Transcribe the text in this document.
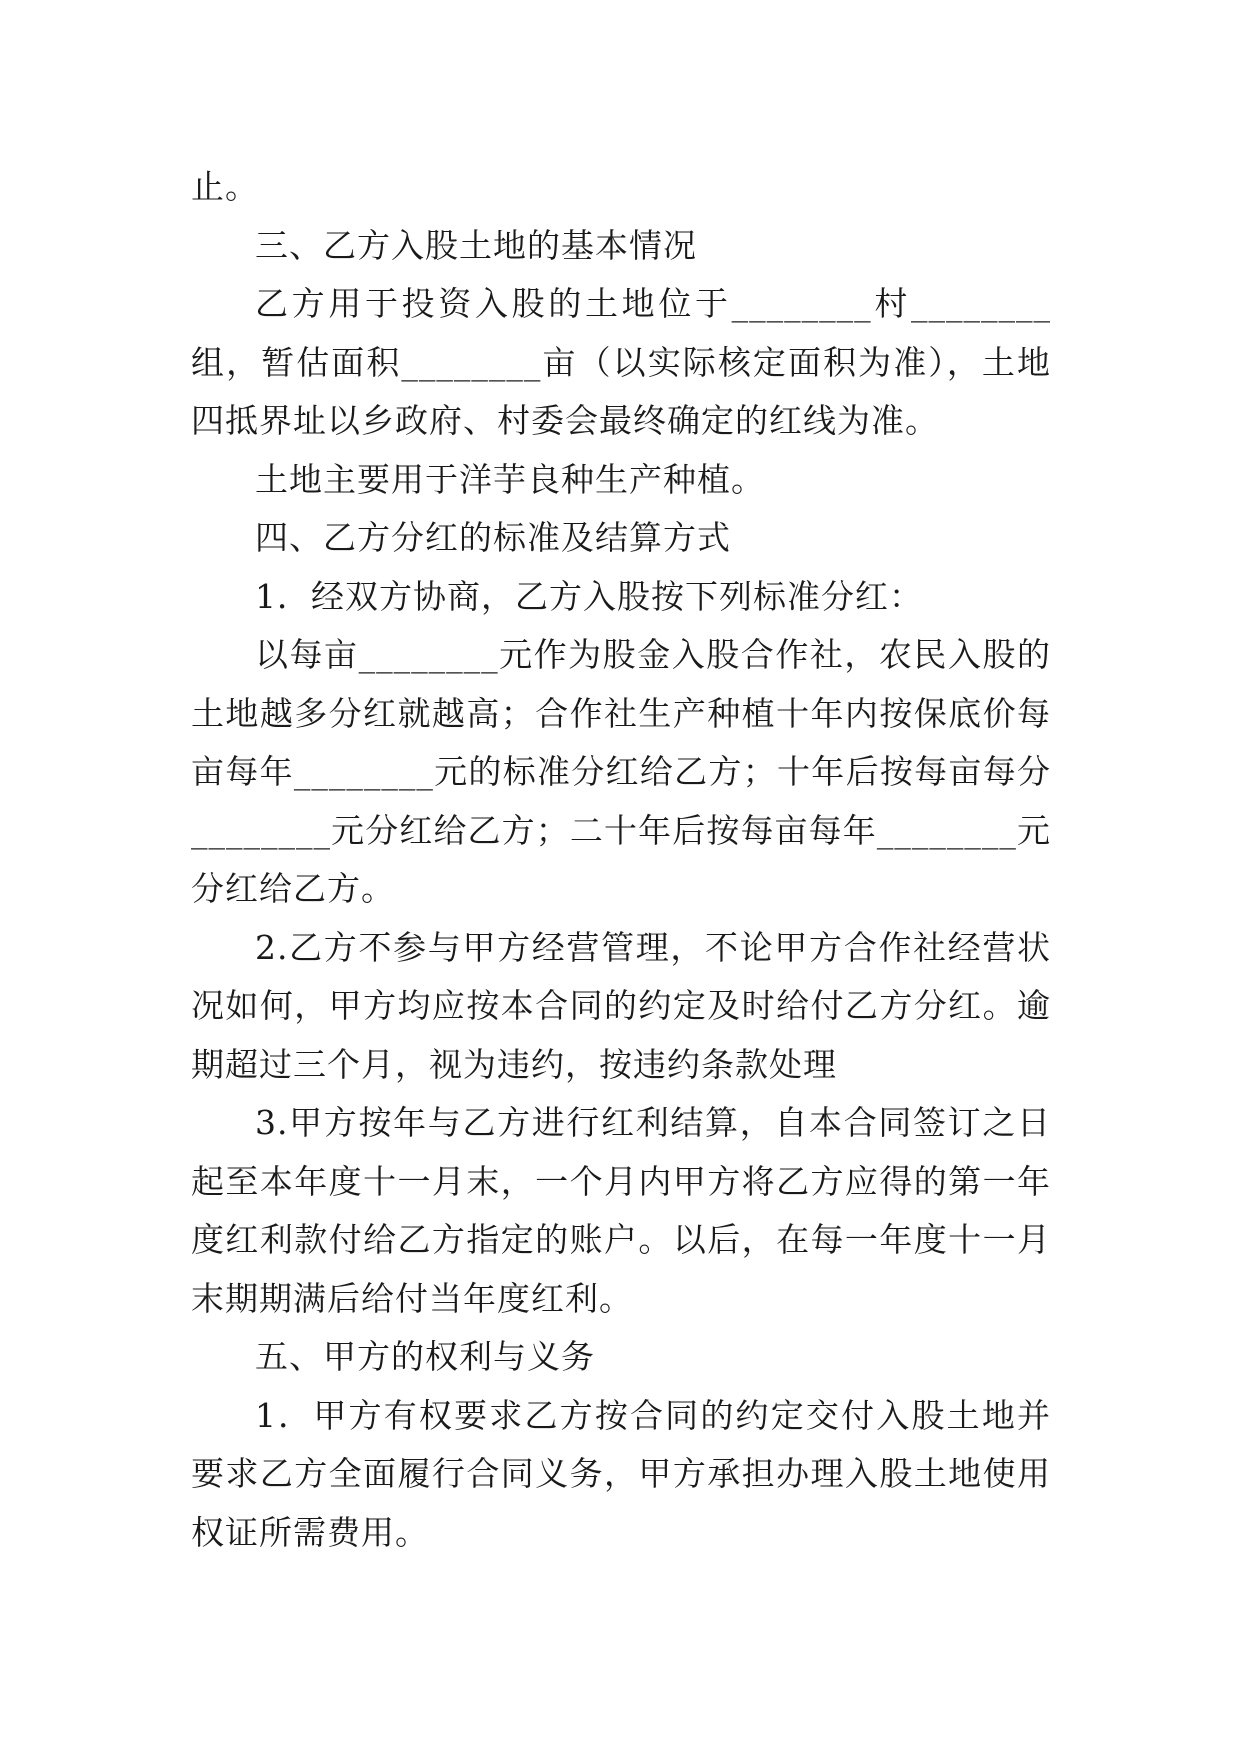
止。

三、乙方入股土地的基本情况

乙方用于投资入股的土地位于________村________组，暂估面积________亩（以实际核定面积为准），土地四抵界址以乡政府、村委会最终确定的红线为准。

土地主要用于洋芋良种生产种植。

四、乙方分红的标准及结算方式

1．经双方协商，乙方入股按下列标准分红：

以每亩________元作为股金入股合作社，农民入股的土地越多分红就越高；合作社生产种植十年内按保底价每亩每年________元的标准分红给乙方；十年后按每亩每分________元分红给乙方；二十年后按每亩每年________元分红给乙方。

2.乙方不参与甲方经营管理，不论甲方合作社经营状况如何，甲方均应按本合同的约定及时给付乙方分红。逾期超过三个月，视为违约，按违约条款处理

3.甲方按年与乙方进行红利结算，自本合同签订之日起至本年度十一月末，一个月内甲方将乙方应得的第一年度红利款付给乙方指定的账户。以后，在每一年度十一月末期期满后给付当年度红利。

五、甲方的权利与义务

1．甲方有权要求乙方按合同的约定交付入股土地并要求乙方全面履行合同义务，甲方承担办理入股土地使用权证所需费用。
